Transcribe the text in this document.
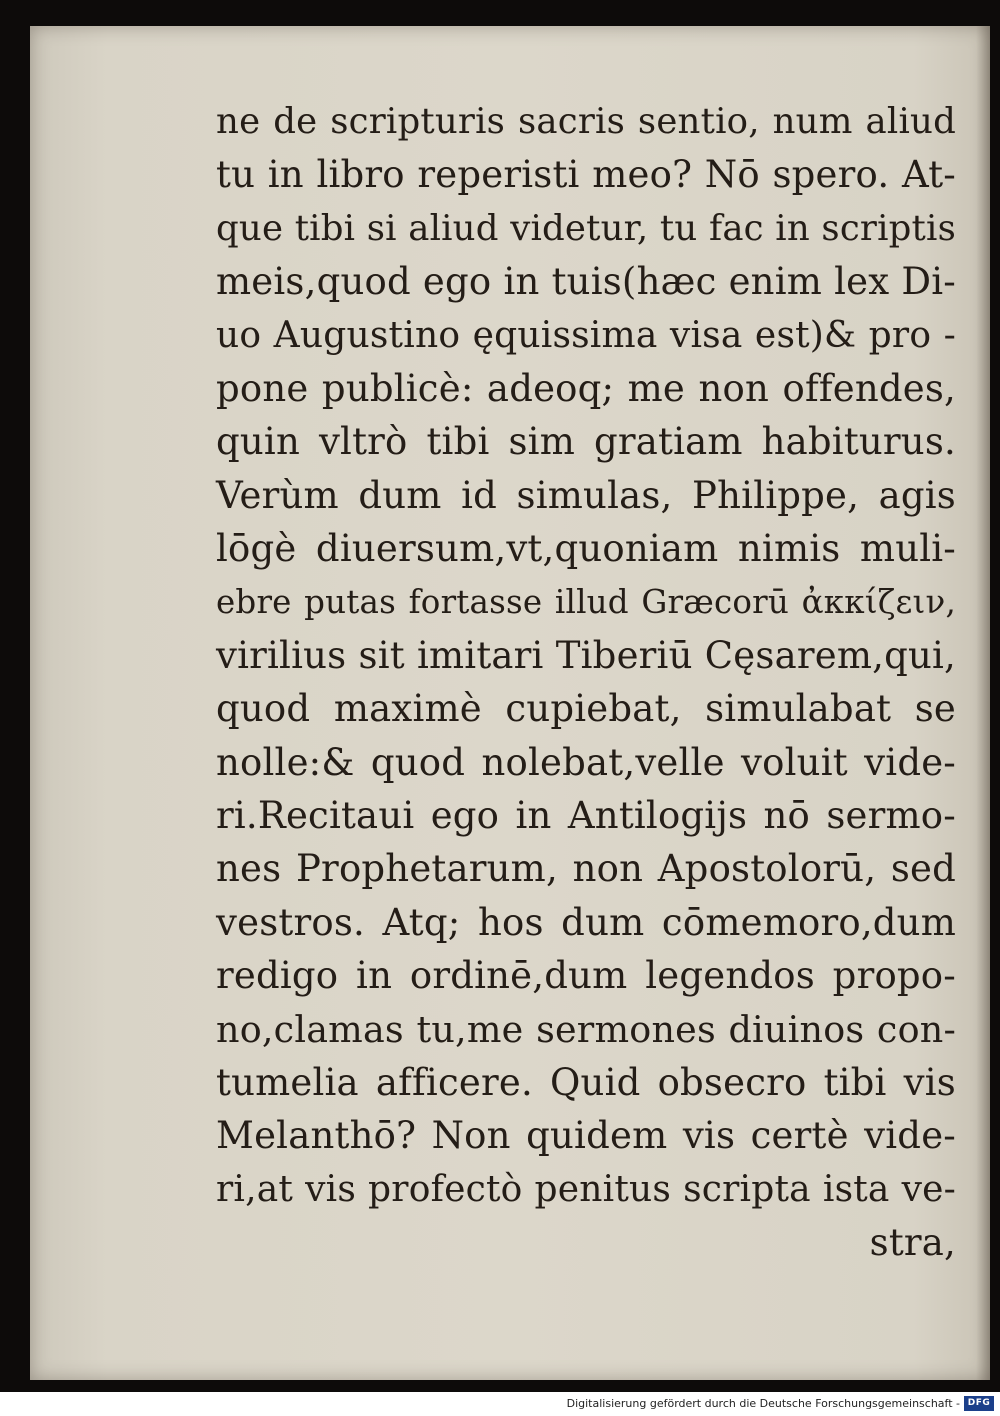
ne de scripturis sacris sentio, num aliud
tu in libro reperisti meo? Nō spero. At-
que tibi si aliud videtur, tu fac in scriptis
meis,quod ego in tuis(hæc enim lex Di-
uo Augustino ęquissima visa est)& pro -
pone publicè: adeoq; me non offendes,
quin vltrò tibi sim gratiam habiturus.
Verùm dum id simulas, Philippe, agis
lōgè diuersum,vt,quoniam nimis muli-
ebre putas fortasse illud Græcorū ἀκκίζειν,
virilius sit imitari Tiberiū Cęsarem,qui,
quod maximè cupiebat, simulabat se
nolle:& quod nolebat,velle voluit vide-
ri.Recitaui ego in Antilogijs nō sermo-
nes Prophetarum, non Apostolorū, sed
vestros. Atq; hos dum cōmemoro,dum
redigo in ordinē,dum legendos propo-
no,clamas tu,me sermones diuinos con-
tumelia afficere. Quid obsecro tibi vis
Melanthō? Non quidem vis certè vide-
ri,at vis profectò penitus scripta ista ve-
stra,
Digitalisierung gefördert durch die Deutsche Forschungsgemeinschaft - DFG
